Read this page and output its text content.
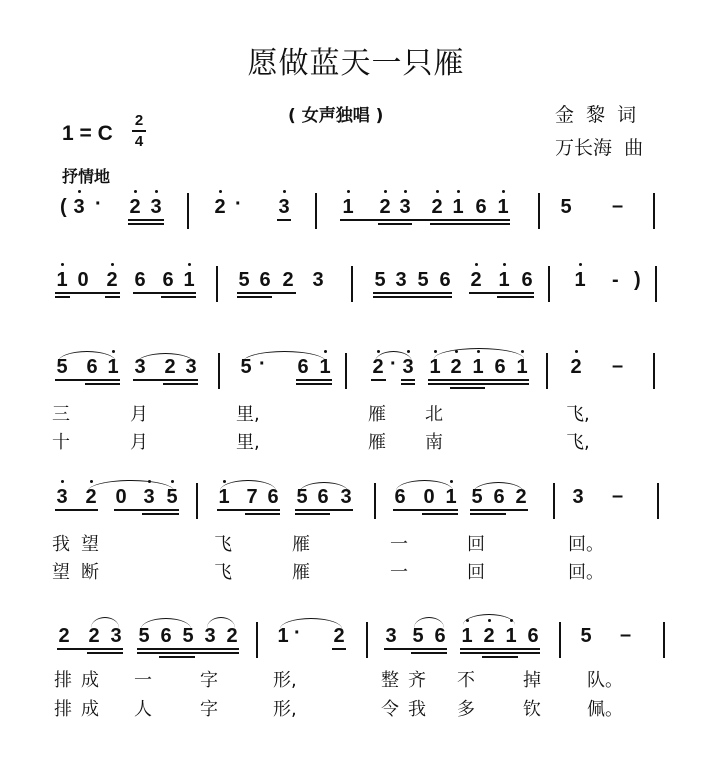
愿做蓝天一只雁
( 女声独唱 )	金  黎  词
万长海  曲
1 = C
2
4
抒情地
( 3 · 2 3	2 · 3	1 2 3 2 1 6 1	5 –
- )
1 0 2 6 6 1 5 6 2 3	5 3 5 6 2 1 6 1
5 6 1 3 2 3 5 · 6 1 2 · 3 1 2 1 6 1 2 –
三	月	里,	雁 北	飞,
十	月	里,	雁 南	飞,
3 2 0 3 5 1 7 6 5 6 3 6 0 1 5 6 2 3 –
我 望	飞	雁	一	回	回。
望 断	飞	雁	一	回	回。
2 2 3 5 6 5 3 2 1 · 2 3 5 6 1 2 1 6 5 –
排 成 一	字	形,	整 齐 不	掉	队。
排 成 人	字	形,	令 我 多	钦	佩。
